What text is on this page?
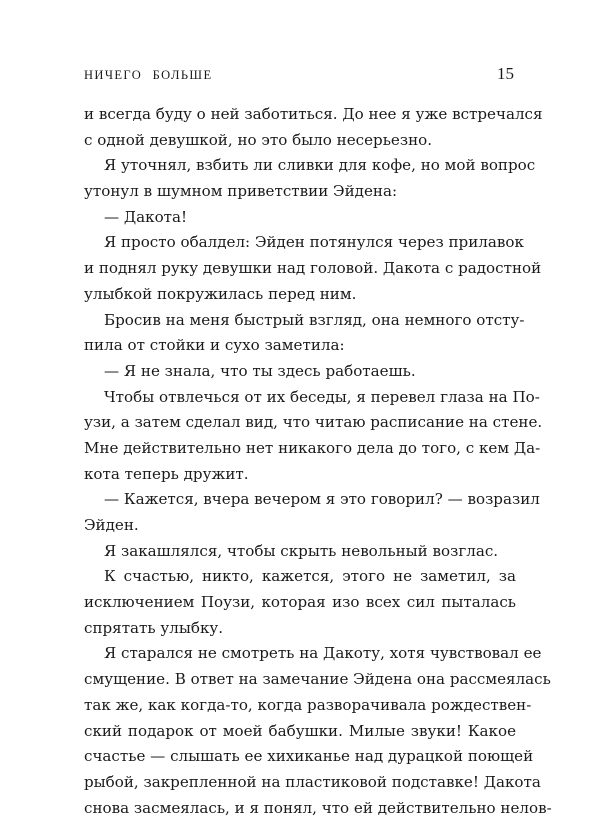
НИЧЕГО БОЛЬШЕ	15
и всегда буду о ней заботиться. До нее я уже встречался
с одной девушкой, но это было несерьезно.
Я уточнял, взбить ли сливки для кофе, но мой вопрос
утонул в шумном приветствии Эйдена:
— Дакота!
Я просто обалдел: Эйден потянулся через прилавок
и поднял руку девушки над головой. Дакота с радостной
улыбкой покружилась перед ним.
Бросив на меня быстрый взгляд, она немного отсту-
пила от стойки и сухо заметила:
— Я не знала, что ты здесь работаешь.
Чтобы отвлечься от их беседы, я перевел глаза на По-
узи, а затем сделал вид, что читаю расписание на стене.
Мне действительно нет никакого дела до того, с кем Да-
кота теперь дружит.
— Кажется, вчера вечером я это говорил? — возразил
Эйден.
Я закашлялся, чтобы скрыть невольный возглас.
К счастью, никто, кажется, этого не заметил, за
исключением Поузи, которая изо всех сил пыталась
спрятать улыбку.
Я старался не смотреть на Дакоту, хотя чувствовал ее
смущение. В ответ на замечание Эйдена она рассмеялась
так же, как когда-то, когда разворачивала рождествен-
ский подарок от моей бабушки. Милые звуки! Какое
счастье — слышать ее хихиканье над дурацкой поющей
рыбой, закрепленной на пластиковой подставке! Дакота
снова засмеялась, и я понял, что ей действительно нелов-
